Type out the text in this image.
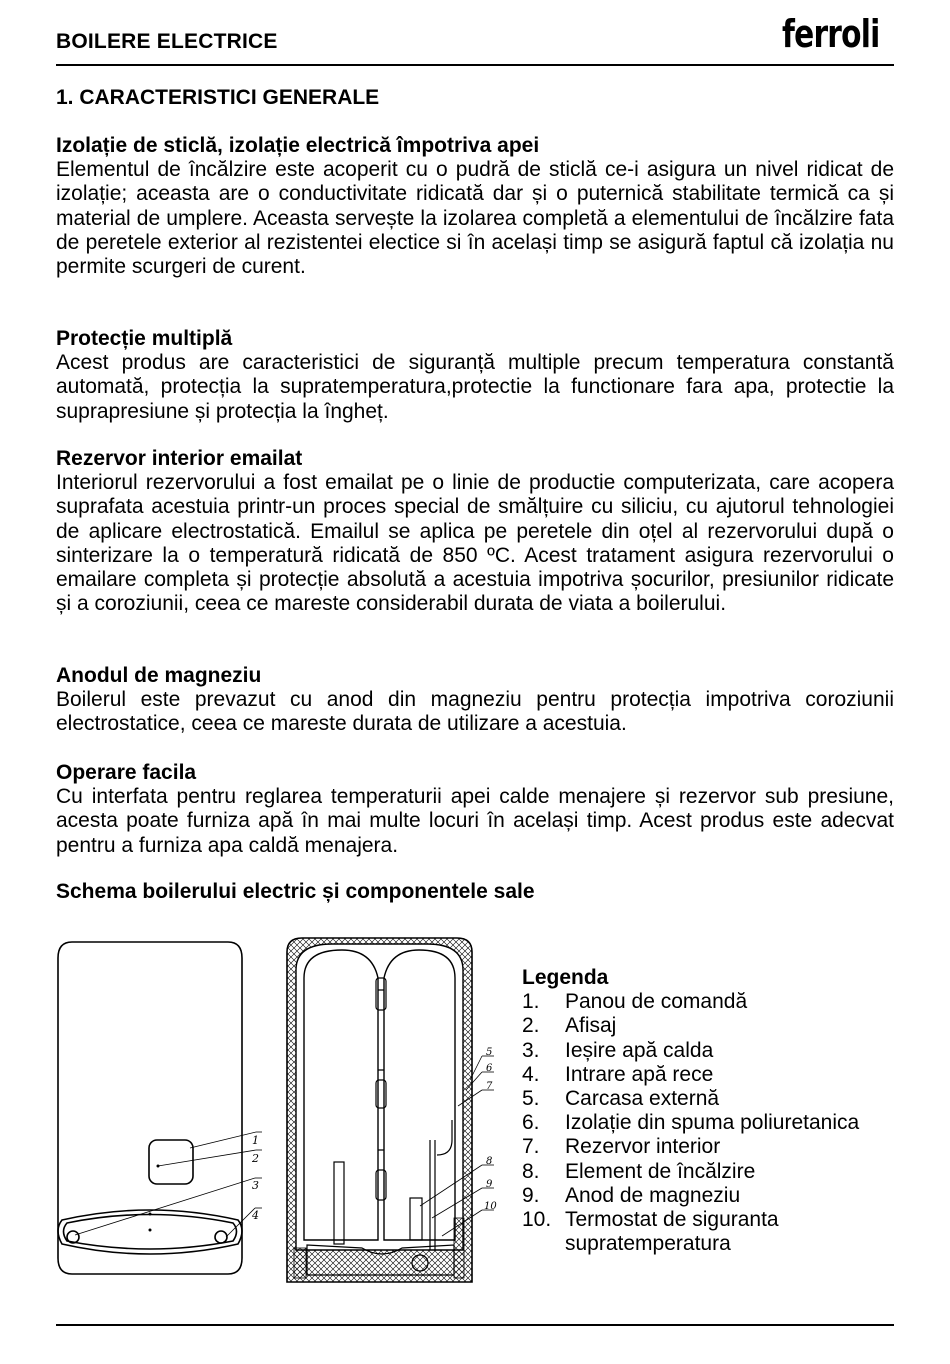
BOILERE ELECTRICE	ferroli
1. CARACTERISTICI GENERALE
Izolație de sticlă, izolație electrică împotriva apei

Elementul de încălzire este acoperit cu o pudră de sticlă ce-i asigura un nivel ridicat de izolație; aceasta are o conductivitate ridicată dar și o puternică stabilitate termică ca și material de umplere. Aceasta servește la izolarea completă a elementului de încălzire fata de peretele exterior al rezistentei electice si în același timp se asigură faptul că izolația nu permite scurgeri de curent.

Protecție multiplă

Acest produs are caracteristici de siguranță multiple precum temperatura constantă automată, protecția la supratemperatura,protectie la functionare fara apa, protectie la suprapresiune și protecția la îngheț.

Rezervor interior emailat

Interiorul rezervorului a fost emailat pe o linie de productie computerizata, care acopera suprafata acestuia printr-un proces special de smălțuire cu siliciu, cu ajutorul tehnologiei de aplicare electrostatică. Emailul se aplica pe peretele din oțel al rezervorului după o sinterizare la o temperatură ridicată de 850 ºC. Acest tratament asigura rezervorului o emailare completa și protecție absolută a acestuia impotriva șocurilor, presiunilor ridicate și a coroziunii, ceea ce mareste considerabil durata de viata a boilerului.

Anodul de magneziu

Boilerul este prevazut cu anod din magneziu pentru protecția impotriva coroziunii electrostatice, ceea ce mareste durata de utilizare a acestuia.

Operare facila

Cu interfata pentru reglarea temperaturii apei calde menajere și rezervor sub presiune, acesta poate furniza apă în mai multe locuri în același timp. Acest produs este adecvat pentru a furniza apa caldă menajera.

Schema boilerului electric și componentele sale
1
2
3
4
5
6
7
8
9
10
Legenda
1. Panou de comandă
2. Afisaj
3. Ieșire apă calda
4. Intrare apă rece
5. Carcasa externă
6. Izolație din spuma poliuretanica
7. Rezervor interior
8. Element de încălzire
9. Anod de magneziu
10. Termostat de siguranta supratemperatura
